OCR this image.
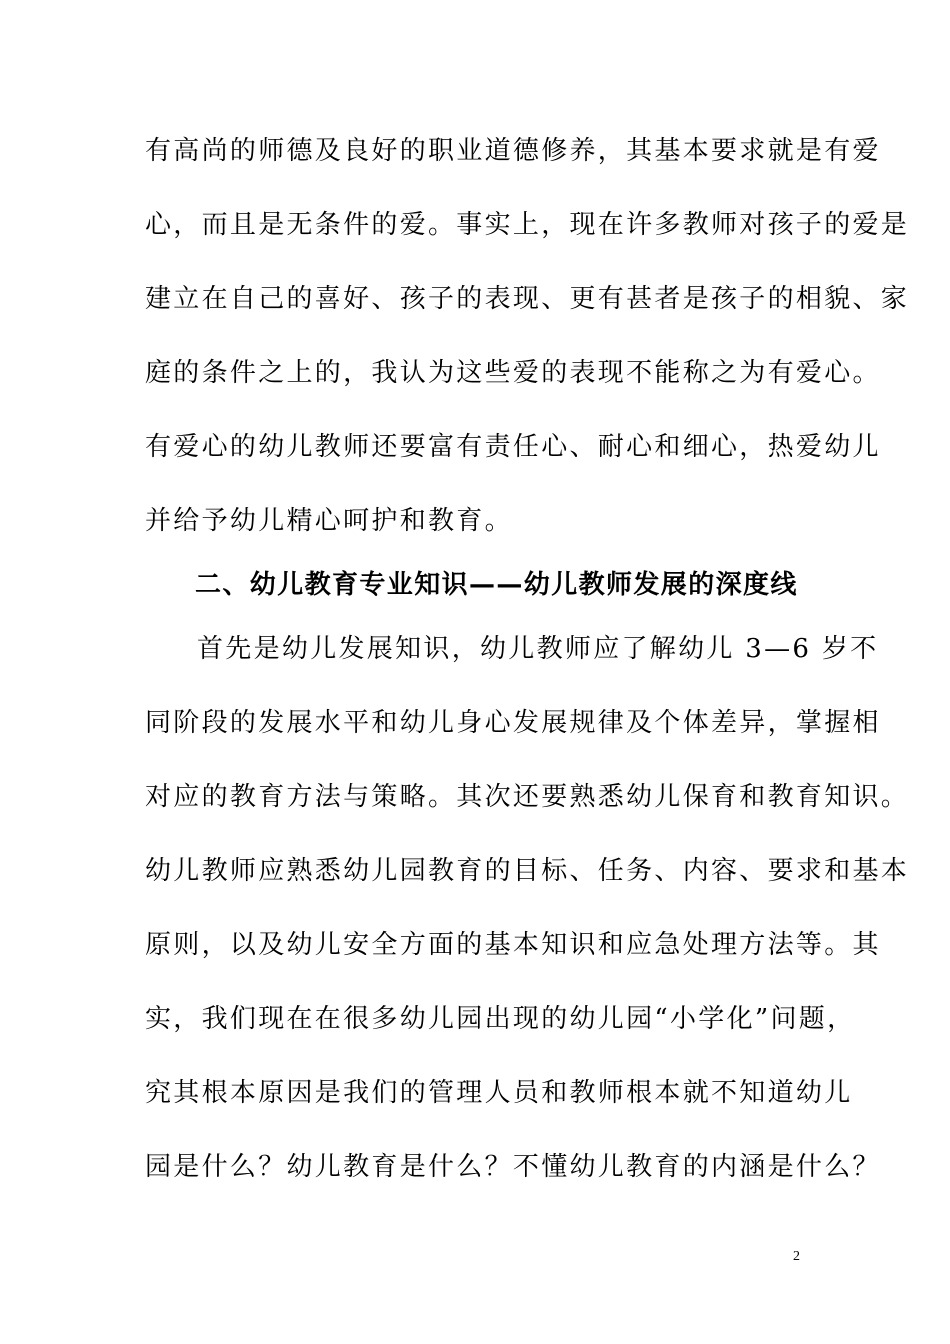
有高尚的师德及良好的职业道德修养，其基本要求就是有爱
心，而且是无条件的爱。事实上，现在许多教师对孩子的爱是
建立在自己的喜好、孩子的表现、更有甚者是孩子的相貌、家
庭的条件之上的，我认为这些爱的表现不能称之为有爱心。
有爱心的幼儿教师还要富有责任心、耐心和细心，热爱幼儿
并给予幼儿精心呵护和教育。
二、幼儿教育专业知识——幼儿教师发展的深度线
首先是幼儿发展知识，幼儿教师应了解幼儿 3—6 岁不
同阶段的发展水平和幼儿身心发展规律及个体差异，掌握相
对应的教育方法与策略。其次还要熟悉幼儿保育和教育知识。
幼儿教师应熟悉幼儿园教育的目标、任务、内容、要求和基本
原则，以及幼儿安全方面的基本知识和应急处理方法等。其
实，我们现在在很多幼儿园出现的幼儿园“小学化”问题，
究其根本原因是我们的管理人员和教师根本就不知道幼儿
园是什么？幼儿教育是什么？不懂幼儿教育的内涵是什么？
2
